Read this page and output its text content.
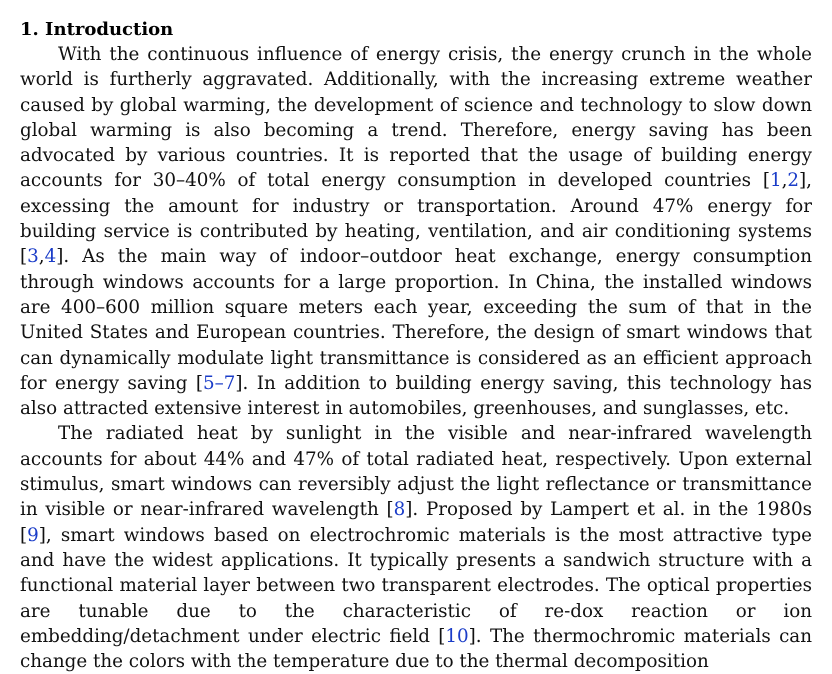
1. Introduction

With the continuous influence of energy crisis, the energy crunch in the whole world is furtherly aggravated. Additionally, with the increasing extreme weather caused by global warming, the development of science and technology to slow down global warming is also becoming a trend. Therefore, energy saving has been advocated by various countries. It is reported that the usage of building energy accounts for 30–40% of total energy consumption in developed countries [1,2], excessing the amount for industry or transportation. Around 47% energy for building service is contributed by heating, ventilation, and air conditioning systems [3,4]. As the main way of indoor–outdoor heat exchange, energy consumption through windows accounts for a large proportion. In China, the installed windows are 400–600 million square meters each year, exceeding the sum of that in the United States and European countries. Therefore, the design of smart windows that can dynamically modulate light transmittance is considered as an efficient approach for energy saving [5–7]. In addition to building energy saving, this technology has also attracted extensive interest in automobiles, greenhouses, and sunglasses, etc.

The radiated heat by sunlight in the visible and near-infrared wavelength accounts for about 44% and 47% of total radiated heat, respectively. Upon external stimulus, smart windows can reversibly adjust the light reflectance or transmittance in visible or near-infrared wavelength [8]. Proposed by Lampert et al. in the 1980s [9], smart windows based on electrochromic materials is the most attractive type and have the widest applications. It typically presents a sandwich structure with a functional material layer between two transparent electrodes. The optical properties are tunable due to the characteristic of re-dox reaction or ion embedding/detachment under electric field [10]. The thermochromic materials can change the colors with the temperature due to the thermal decomposition
